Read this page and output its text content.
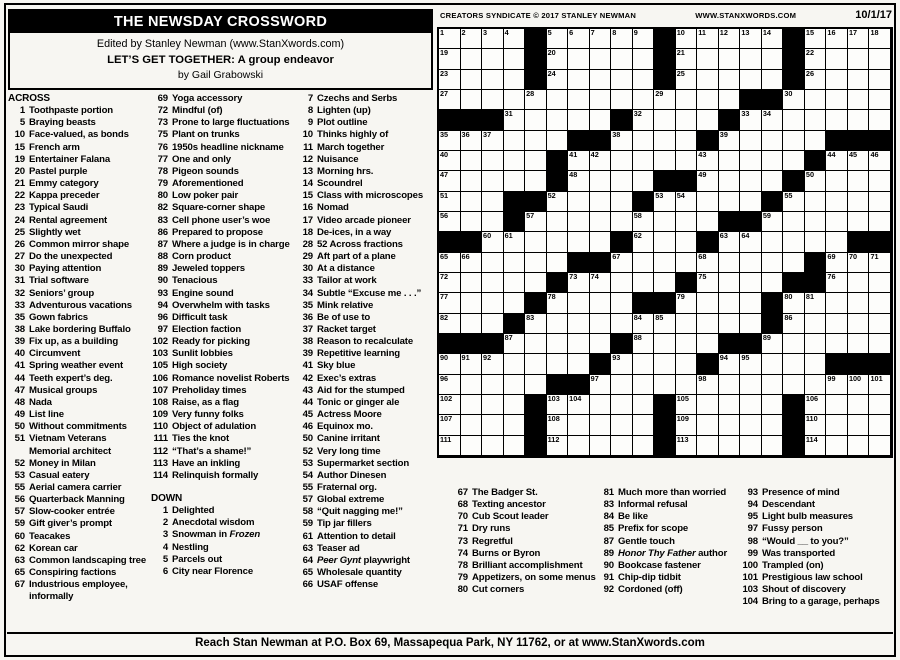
THE NEWSDAY CROSSWORD
Edited by Stanley Newman (www.StanXwords.com)
LET’S GET TOGETHER: A group endeavor
by Gail Grabowski
CREATORS SYNDICATE © 2017 STANLEY NEWMAN	WWW.STANXWORDS.COM	10/1/17
ACROSS
1 Toothpaste portion
5 Braying beasts
10 Face-valued, as bonds
15 French arm
19 Entertainer Falana
20 Pastel purple
21 Emmy category
22 Kappa preceder
23 Typical Saudi
24 Rental agreement
25 Slightly wet
26 Common mirror shape
27 Do the unexpected
30 Paying attention
31 Trial software
32 Seniors’ group
33 Adventurous vacations
35 Gown fabrics
38 Lake bordering Buffalo
39 Fix up, as a building
40 Circumvent
41 Spring weather event
44 Teeth expert’s deg.
47 Musical groups
48 Nada
49 List line
50 Without commitments
51 Vietnam Veterans Memorial architect
52 Money in Milan
53 Casual eatery
55 Aerial camera carrier
56 Quarterback Manning
57 Slow-cooker entrée
59 Gift giver’s prompt
60 Teacakes
62 Korean car
63 Common landscaping tree
65 Conspiring factions
67 Industrious employee, informally
69 Yoga accessory
72 Mindful (of)
73 Prone to large fluctuations
75 Plant on trunks
76 1950s headline nickname
77 One and only
78 Pigeon sounds
79 Aforementioned
80 Low poker pair
82 Square-corner shape
83 Cell phone user’s woe
86 Prepared to propose
87 Where a judge is in charge
88 Corn product
89 Jeweled toppers
90 Tenacious
93 Engine sound
94 Overwhelm with tasks
96 Difficult task
97 Election faction
102 Ready for picking
103 Sunlit lobbies
105 High society
106 Romance novelist Roberts
107 Preholiday times
108 Raise, as a flag
109 Very funny folks
110 Object of adulation
111 Ties the knot
112 “That’s a shame!”
113 Have an inkling
114 Relinquish formally
DOWN
1 Delighted
2 Anecdotal wisdom
3 Snowman in Frozen
4 Nestling
5 Parcels out
6 City near Florence
7 Czechs and Serbs
8 Lighten (up)
9 Plot outline
10 Thinks highly of
11 March together
12 Nuisance
13 Morning hrs.
14 Scoundrel
15 Class with microscopes
16 Nomad
17 Video arcade pioneer
18 De-ices, in a way
28 52 Across fractions
29 Aft part of a plane
30 At a distance
33 Tailor at work
34 Subtle “Excuse me . . .”
35 Mink relative
36 Be of use to
37 Racket target
38 Reason to recalculate
39 Repetitive learning
41 Sky blue
42 Exec’s extras
43 Aid for the stumped
44 Tonic or ginger ale
45 Actress Moore
46 Equinox mo.
50 Canine irritant
52 Very long time
53 Supermarket section
54 Author Dinesen
55 Fraternal org.
57 Global extreme
58 “Quit nagging me!”
59 Tip jar fillers
61 Attention to detail
63 Teaser ad
64 Peer Gynt playwright
65 Wholesale quantity
66 USAF offense
1 2 3 4	5 6 7 8 9	10 11 12 13 14	15 16 17 18
19	20	21	22
23	24	25	26
27	28	29	30
31	32	33 34
35 36 37	38	39
40	41 42	43	44 45 46
47	48	49	50
51	52	53 54	55
56	57	58	59
60 61	62	63 64
65 66	67	68	69 70 71
72	73 74	75	76
77	78	79	80 81
82	83	84 85	86
87	88	89
90 91 92	93	94 95
96	97	98	99 100 101
102	103 104	105	106
107	108	109	110
111	112	113	114
67 The Badger St.
68 Texting ancestor
70 Cub Scout leader
71 Dry runs
73 Regretful
74 Burns or Byron
78 Brilliant accomplishment
79 Appetizers, on some menus
80 Cut corners
81 Much more than worried
83 Informal refusal
84 Be like
85 Prefix for scope
87 Gentle touch
89 Honor Thy Father author
90 Bookcase fastener
91 Chip-dip tidbit
92 Cordoned (off)
93 Presence of mind
94 Descendant
95 Light bulb measures
97 Fussy person
98 “Would __ to you?”
99 Was transported
100 Trampled (on)
101 Prestigious law school
103 Shout of discovery
104 Bring to a garage, perhaps
Reach Stan Newman at P.O. Box 69, Massapequa Park, NY 11762, or at www.StanXwords.com
